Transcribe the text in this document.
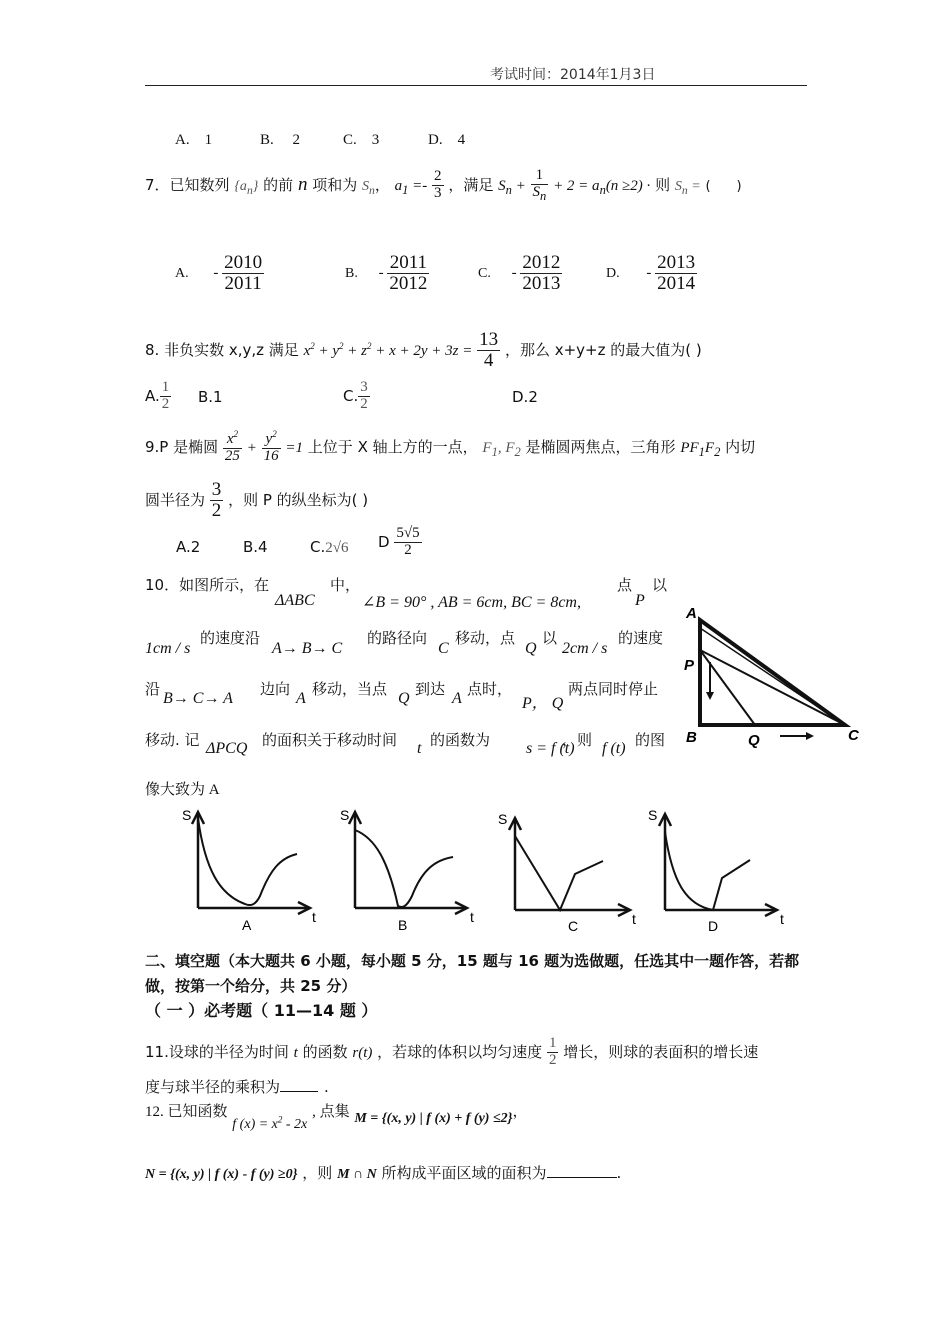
考试时间：2014年1月3日
A.　1	B.　 2	C.　3	D.　4
7．已知数列 $\{a_n\}$ 的前 n 项和为 $S_n$， $a_1 =- \frac{2}{3}$ ，满足 $S_n + \frac{1}{S_n} + 2 = a_n(n \ge 2)$ · 则 $S_n$ = (　　)
A. - $\frac{2010}{2011}$	B. - $\frac{2011}{2012}$	C. - $\frac{2012}{2013}$	D. - $\frac{2013}{2014}$
8. 非负实数 x,y,z 满足 $x^2 + y^2 + z^2 + x + 2y + 3z = \frac{13}{4}$ ，那么 x+y+z 的最大值为( )
A. $\frac{1}{2} B.1$	C. $\frac{3}{2}$	D.2
9.P 是椭圆 $\frac{x^2}{25} + \frac{y^2}{16} =1$ 上位于 X 轴上方的一点， $F_1$, $F_2$ 是椭圆两焦点，三角形 $PF_1F_2$ 内切
圆半径为 $\frac{3}{2}$ ，则 P 的纵坐标为( )
A.2	B.4	C.2√6 D $\frac{5√5}{2}$
10．如图所示，在
ΔABC
中，
∠B = 90° , AB = 6cm, BC = 8cm,
点
P
以
1cm / s
的速度沿
A→ B→ C
的路径向
C
移动，点
Q
以
2cm / s
的速度
沿
B→ C→ A
边向
A
移动，当点
Q
到达
A
点时，
P， Q
两点同时停止
移动. 记 ΔPCQ 的面积关于移动时间 t 的函数为 s = f (t)
，则 f (t) 的图
像大致为 A
A
P
B	Q	C
S
t
A
S
t
B
S
t
C
S
t
D
二、填空题（本大题共 6 小题，每小题 5 分，15 题与 16 题为选做题，任选其中一题作答，若都
做，按第一个给分，共 25 分）
（ 一 ）必考题（ 11—14 题 ）
11.设球的半径为时间 t 的函数 r(t) ，若球的体积以均匀速度 $\frac{1}{2}$ 增长，则球的表面积的增长速
度与球半径的乘积为	.
12. 已知函数 f $(x) = x^2 - 2x$ , 点集 M = {(x, y) | f (x) + f (y) ≤2}，
N = {(x, y) | f (x) - f (y) ≥0} ，则 M ∩ N 所构成平面区域的面积为	.
